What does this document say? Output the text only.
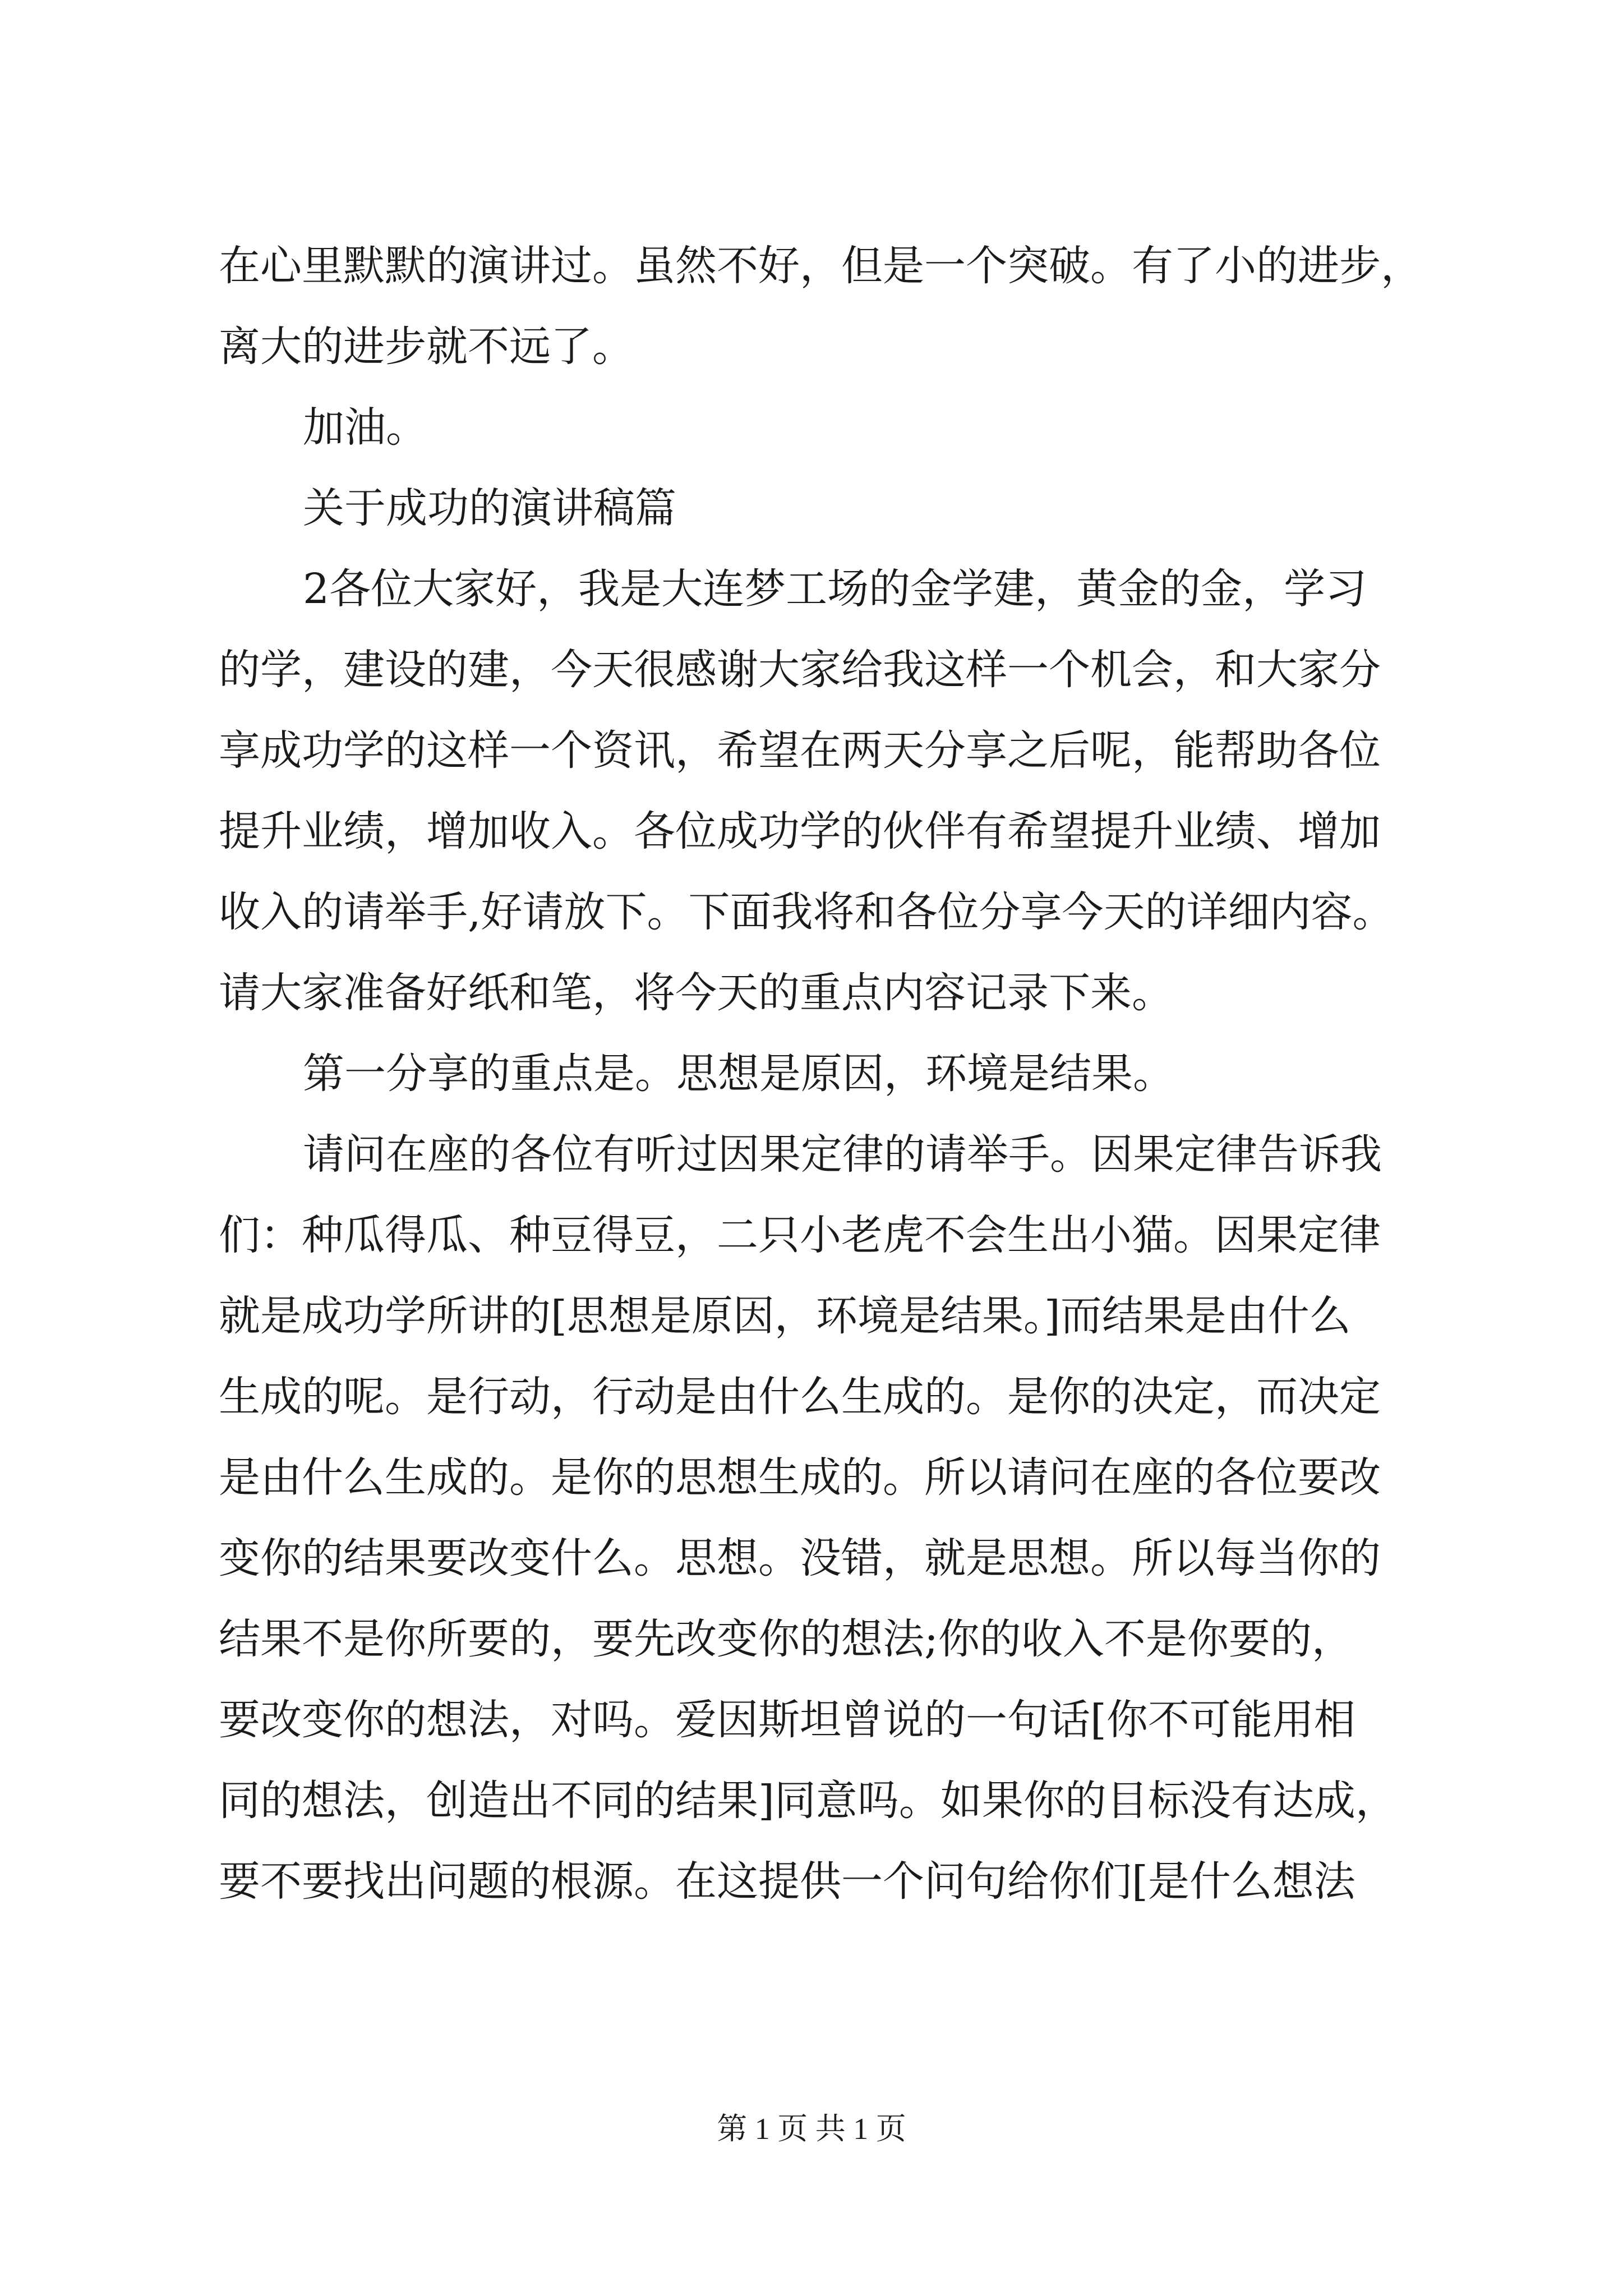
在心里默默的演讲过。虽然不好，但是一个突破。有了小的进步，
离大的进步就不远了。
加油。
关于成功的演讲稿篇
2各位大家好，我是大连梦工场的金学建，黄金的金，学习
的学，建设的建，今天很感谢大家给我这样一个机会，和大家分
享成功学的这样一个资讯，希望在两天分享之后呢，能帮助各位
提升业绩，增加收入。各位成功学的伙伴有希望提升业绩、增加
收入的请举手,好请放下。下面我将和各位分享今天的详细内容。
请大家准备好纸和笔，将今天的重点内容记录下来。
第一分享的重点是。思想是原因，环境是结果。
请问在座的各位有听过因果定律的请举手。因果定律告诉我
们：种瓜得瓜、种豆得豆，二只小老虎不会生出小猫。因果定律
就是成功学所讲的[思想是原因，环境是结果。]而结果是由什么
生成的呢。是行动，行动是由什么生成的。是你的决定，而决定
是由什么生成的。是你的思想生成的。所以请问在座的各位要改
变你的结果要改变什么。思想。没错，就是思想。所以每当你的
结果不是你所要的，要先改变你的想法;你的收入不是你要的，
要改变你的想法，对吗。爱因斯坦曾说的一句话[你不可能用相
同的想法，创造出不同的结果]同意吗。如果你的目标没有达成，
要不要找出问题的根源。在这提供一个问句给你们[是什么想法
第 1 页 共 1 页
